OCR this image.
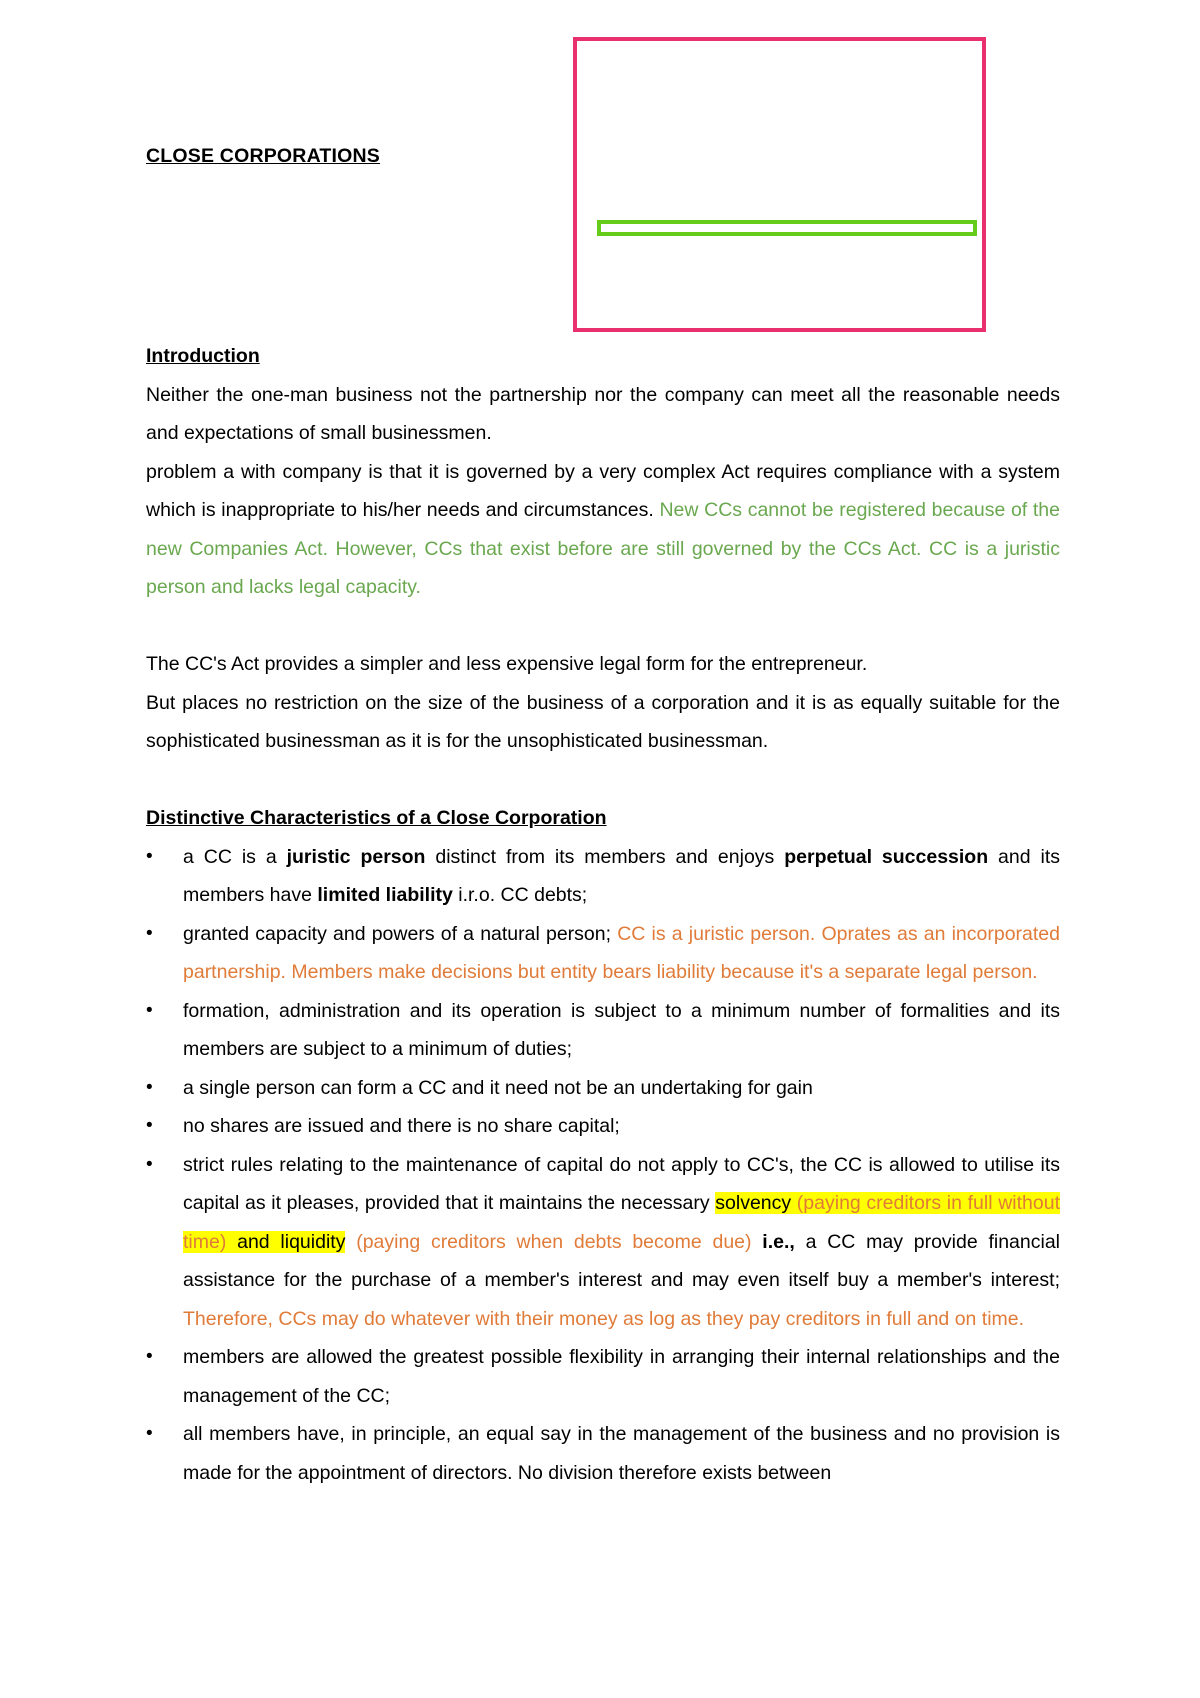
CLOSE CORPORATIONS

Introduction

Neither the one-man business not the partnership nor the company can meet all the reasonable needs and expectations of small businessmen.

problem a with company is that it is governed by a very complex Act requires compliance with a system which is inappropriate to his/her needs and circumstances. New CCs cannot be registered because of the new Companies Act. However, CCs that exist before are still governed by the CCs Act. CC is a juristic person and lacks legal capacity.

The CC's Act provides a simpler and less expensive legal form for the entrepreneur.

But places no restriction on the size of the business of a corporation and it is as equally suitable for the sophisticated businessman as it is for the unsophisticated businessman.

Distinctive Characteristics of a Close Corporation

• a CC is a juristic person distinct from its members and enjoys perpetual succession and its members have limited liability i.r.o. CC debts;
• granted capacity and powers of a natural person; CC is a juristic person. Oprates as an incorporated partnership. Members make decisions but entity bears liability because it's a separate legal person.
• formation, administration and its operation is subject to a minimum number of formalities and its members are subject to a minimum of duties;
• a single person can form a CC and it need not be an undertaking for gain
• no shares are issued and there is no share capital;
• strict rules relating to the maintenance of capital do not apply to CC's, the CC is allowed to utilise its capital as it pleases, provided that it maintains the necessary solvency (paying creditors in full without time) and liquidity (paying creditors when debts become due) i.e., a CC may provide financial assistance for the purchase of a member's interest and may even itself buy a member's interest; Therefore, CCs may do whatever with their money as log as they pay creditors in full and on time.
• members are allowed the greatest possible flexibility in arranging their internal relationships and the management of the CC;
• all members have, in principle, an equal say in the management of the business and no provision is made for the appointment of directors. No division therefore exists between
